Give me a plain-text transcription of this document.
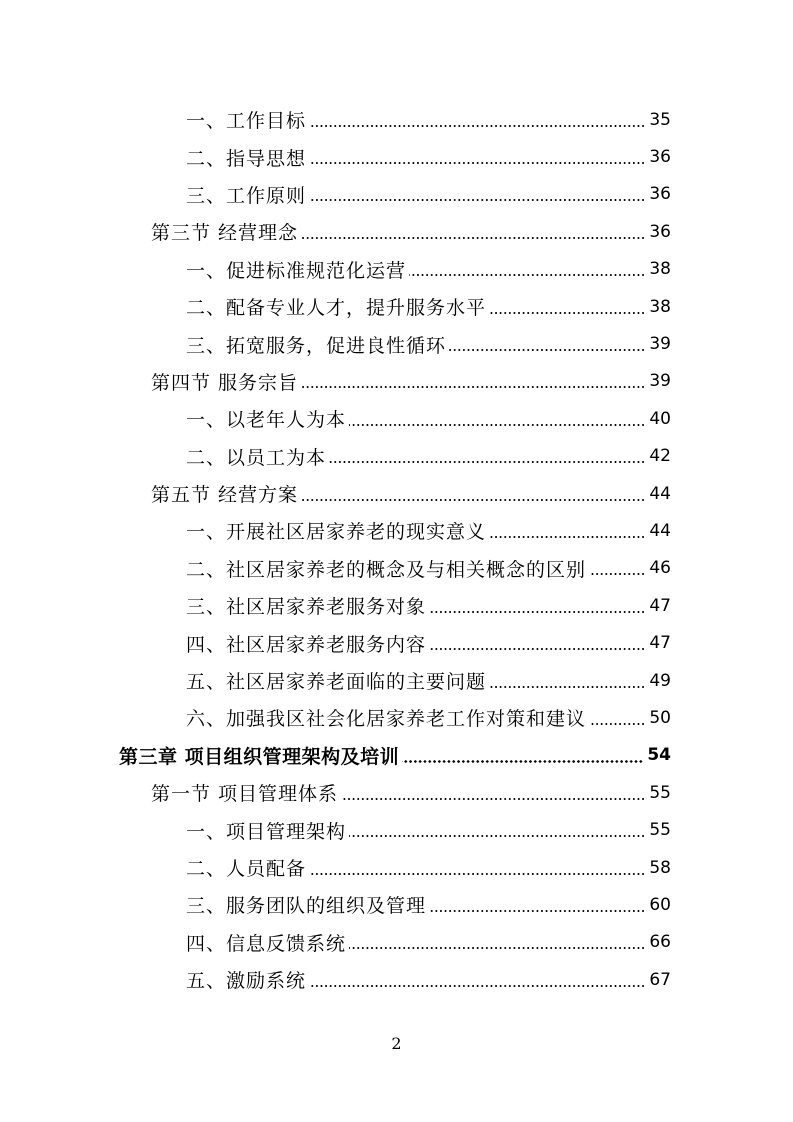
一、工作目标	35
二、指导思想	36
三、工作原则	36
第三节 经营理念	36
一、促进标准规范化运营	38
二、配备专业人才，提升服务水平	38
三、拓宽服务，促进良性循环	39
第四节 服务宗旨	39
一、以老年人为本	40
二、以员工为本	42
第五节 经营方案	44
一、开展社区居家养老的现实意义	44
二、社区居家养老的概念及与相关概念的区别	46
三、社区居家养老服务对象	47
四、社区居家养老服务内容	47
五、社区居家养老面临的主要问题	49
六、加强我区社会化居家养老工作对策和建议	50
第三章 项目组织管理架构及培训	54
第一节 项目管理体系	55
一、项目管理架构	55
二、人员配备	58
三、服务团队的组织及管理	60
四、信息反馈系统	66
五、激励系统	67
2
